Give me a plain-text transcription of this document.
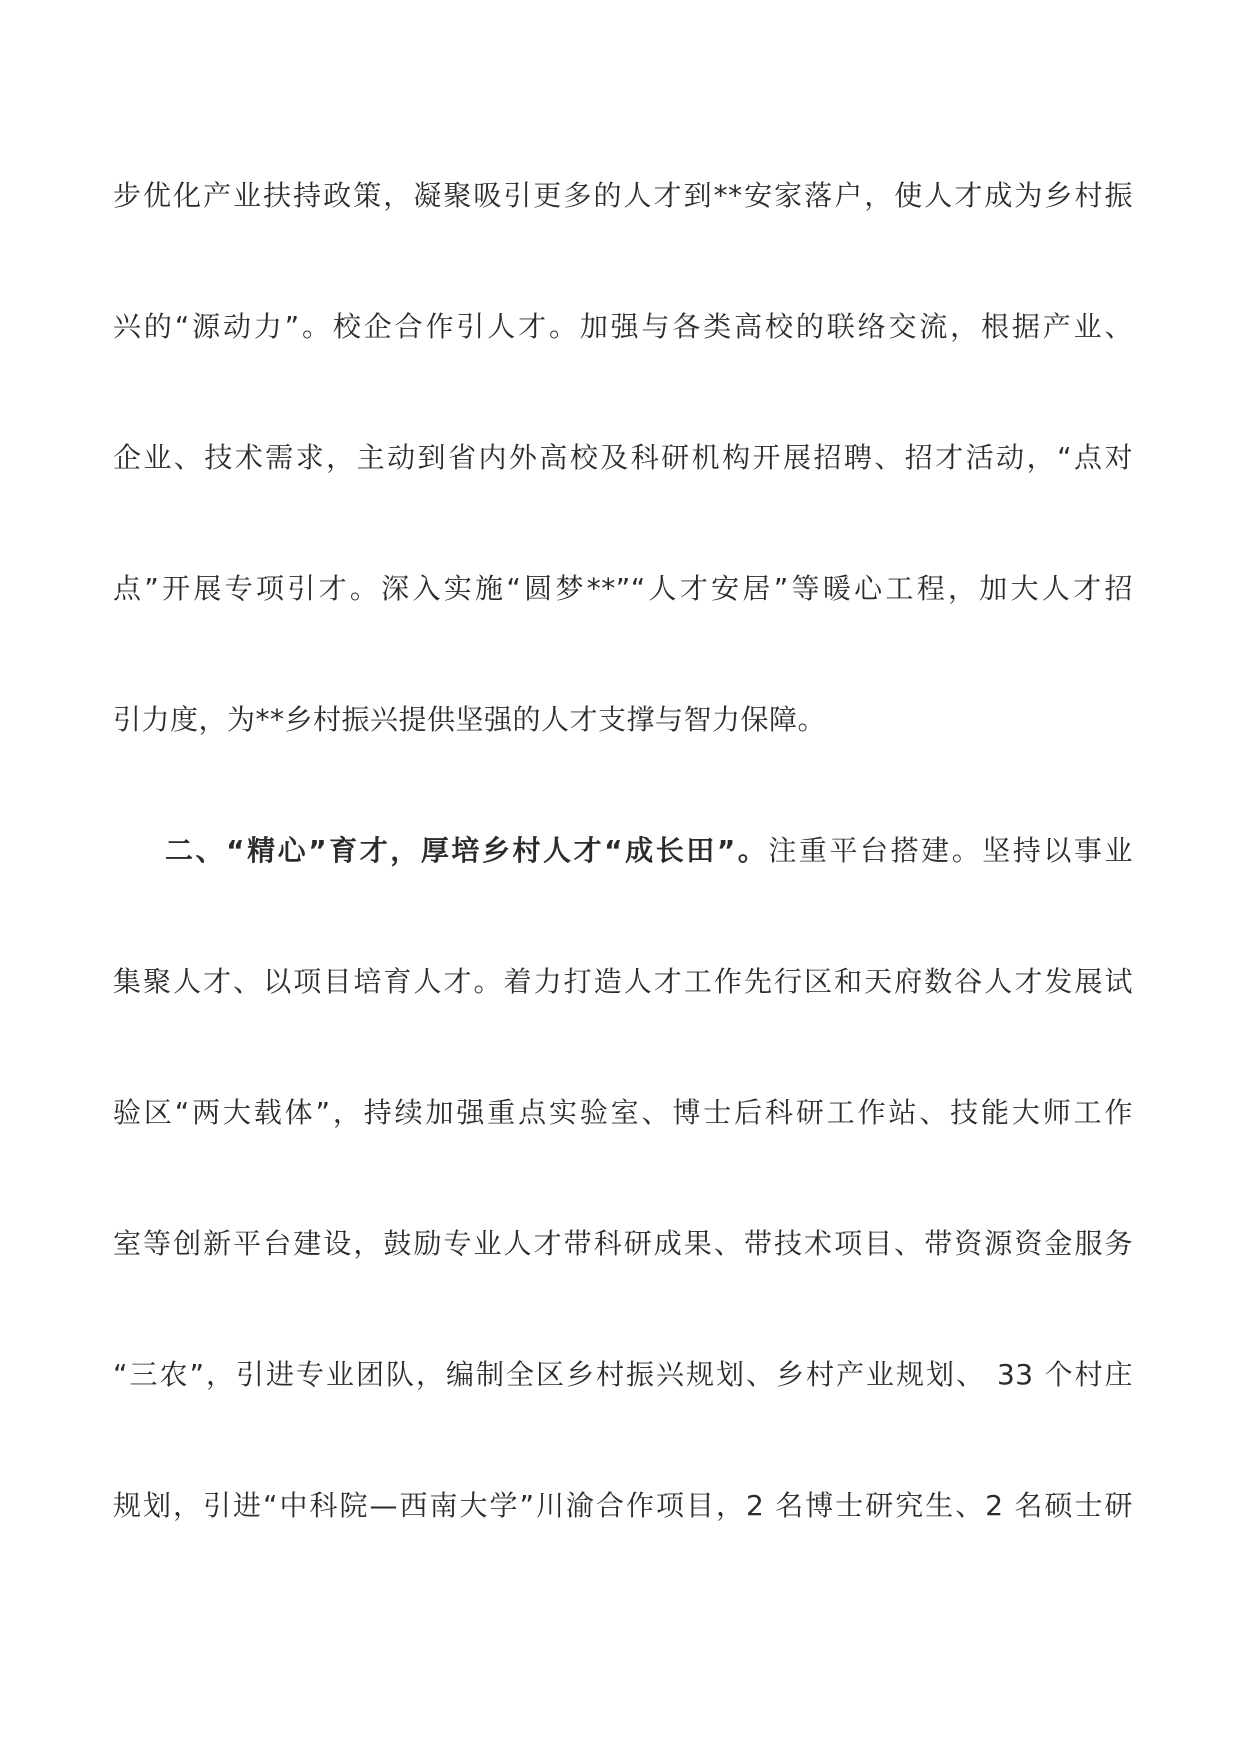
步优化产业扶持政策，凝聚吸引更多的人才到**安家落户，使人才成为乡村振
兴的“源动力”。校企合作引人才。加强与各类高校的联络交流，根据产业、
企业、技术需求，主动到省内外高校及科研机构开展招聘、招才活动，“点对
点”开展专项引才。深入实施“圆梦**”“人才安居”等暖心工程，加大人才招
引力度，为**乡村振兴提供坚强的人才支撑与智力保障。
二、“精心”育才，厚培乡村人才“成长田”。注重平台搭建。坚持以事业
集聚人才、以项目培育人才。着力打造人才工作先行区和天府数谷人才发展试
验区“两大载体”，持续加强重点实验室、博士后科研工作站、技能大师工作
室等创新平台建设，鼓励专业人才带科研成果、带技术项目、带资源资金服务
“三农”，引进专业团队，编制全区乡村振兴规划、乡村产业规划、 33 个村庄
规划，引进“中科院—西南大学”川渝合作项目，2 名博士研究生、2 名硕士研
